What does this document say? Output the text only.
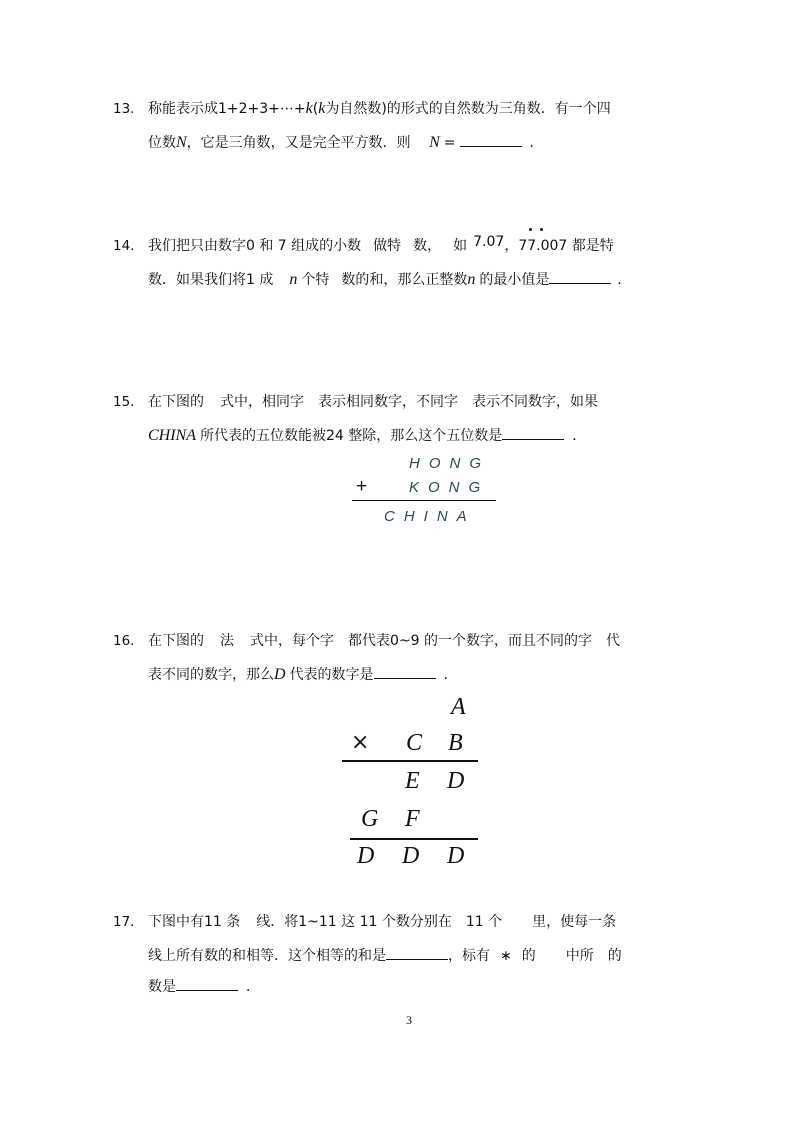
13. 称能表示成1+2+3+⋯+k(k为自然数)的形式的自然数为三角数．有一个四
位数N，它是三角数，又是完全平方数．则 N =	．
14. 我们把只由数字0 和 7 组成的小数 做特 数， 如 7.07，77.007 都是特
数．如果我们将1 成 n 个特 数的和，那么正整数n 的最小值是	．
15. 在下图的 式中，相同字 表示相同数字，不同字 表示不同数字，如果
CHINA 所代表的五位数能被24 整除，那么这个五位数是	．
HONG
+	KONG
CHINA
16. 在下图的 法 式中，每个字 都代表0~9 的一个数字，而且不同的字 代
表不同的数字，那么D 代表的数字是	．
A
× C B
E D
G F
D D D
17. 下图中有11 条 线．将1~11 这 11 个数分别在 11 个 里，使每一条
线上所有数的和相等．这个相等的和是	，标有 ∗ 的 中所 的
数是	．
3
